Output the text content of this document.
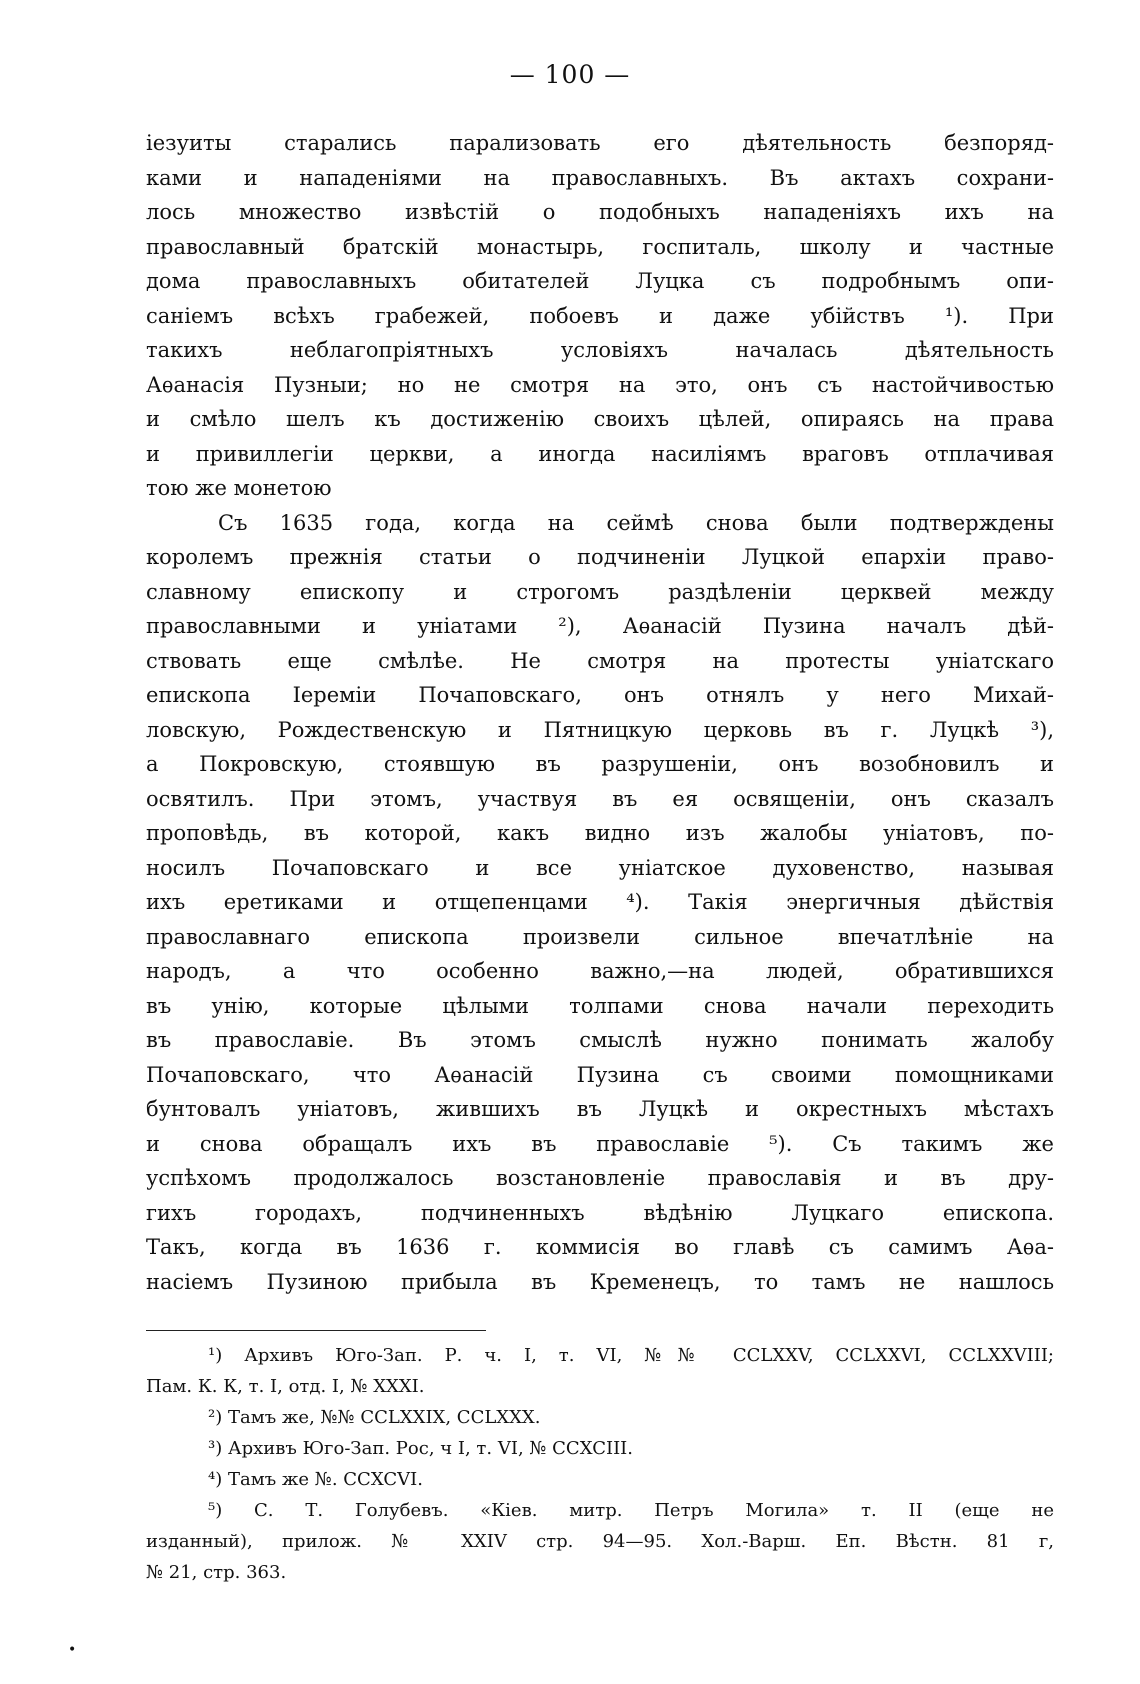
— 100 —
іезуиты старались парализовать его дѣятельность безпоряд-
ками и нападеніями на православныхъ. Въ актахъ сохрани-
лось множество извѣстій о подобныхъ нападеніяхъ ихъ на
православный братскій монастырь, госпиталь, школу и частные
дома православныхъ обитателей Луцка съ подробнымъ опи-
саніемъ всѣхъ грабежей, побоевъ и даже убійствъ ¹). При
такихъ неблагопріятныхъ условіяхъ началась дѣятельность
Аѳанасія Пузныи; но не смотря на это, онъ съ настойчивостью
и смѣло шелъ къ достиженію своихъ цѣлей, опираясь на права
и привиллегіи церкви, а иногда насиліямъ враговъ отплачивая
тою же монетою
Съ 1635 года, когда на сеймѣ снова были подтверждены
королемъ прежнія статьи о подчиненіи Луцкой епархіи право-
славному епископу и строгомъ раздѣленіи церквей между
православными и уніатами ²), Аѳанасій Пузина началъ дѣй-
ствовать еще смѣлѣе. Не смотря на протесты уніатскаго
епископа Іереміи Почаповскаго, онъ отнялъ у него Михай-
ловскую, Рождественскую и Пятницкую церковь въ г. Луцкѣ ³),
а Покровскую, стоявшую въ разрушеніи, онъ возобновилъ и
освятилъ. При этомъ, участвуя въ ея освященіи, онъ сказалъ
проповѣдь, въ которой, какъ видно изъ жалобы уніатовъ, по-
носилъ Почаповскаго и все уніатское духовенство, называя
ихъ еретиками и отщепенцами ⁴). Такія энергичныя дѣйствія
православнаго епископа произвели сильное впечатлѣніе на
народъ, а что особенно важно,—на людей, обратившихся
въ унію, которые цѣлыми толпами снова начали переходить
въ православіе. Въ этомъ смыслѣ нужно понимать жалобу
Почаповскаго, что Аѳанасій Пузина съ своими помощниками
бунтовалъ уніатовъ, жившихъ въ Луцкѣ и окрестныхъ мѣстахъ
и снова обращалъ ихъ въ православіе ⁵). Съ такимъ же
успѣхомъ продолжалось возстановленіе православія и въ дру-
гихъ городахъ, подчиненныхъ вѣдѣнію Луцкаго епископа.
Такъ, когда въ 1636 г. коммисія во главѣ съ самимъ Аѳа-
насіемъ Пузиною прибыла въ Кременецъ, то тамъ не нашлось
¹) Архивъ Юго-Зап. Р. ч. I, т. VI, №№ CCLXXV, CCLXXVI, CCLXXVIII;
Пам. К. К, т. I, отд. I, № XXXI.
²) Тамъ же, №№ CCLXXIX, CCLXXX.
³) Архивъ Юго-Зап. Рос, ч I, т. VI, № CCXCIII.
⁴) Тамъ же №. CCXCVI.
⁵) С. Т. Голубевъ. «Кіев. митр. Петръ Могила» т. II (еще не
изданный), прилож. № XXIV стр. 94—95. Хол.-Варш. Еп. Вѣстн. 81 г,
№ 21, стр. 363.
•
